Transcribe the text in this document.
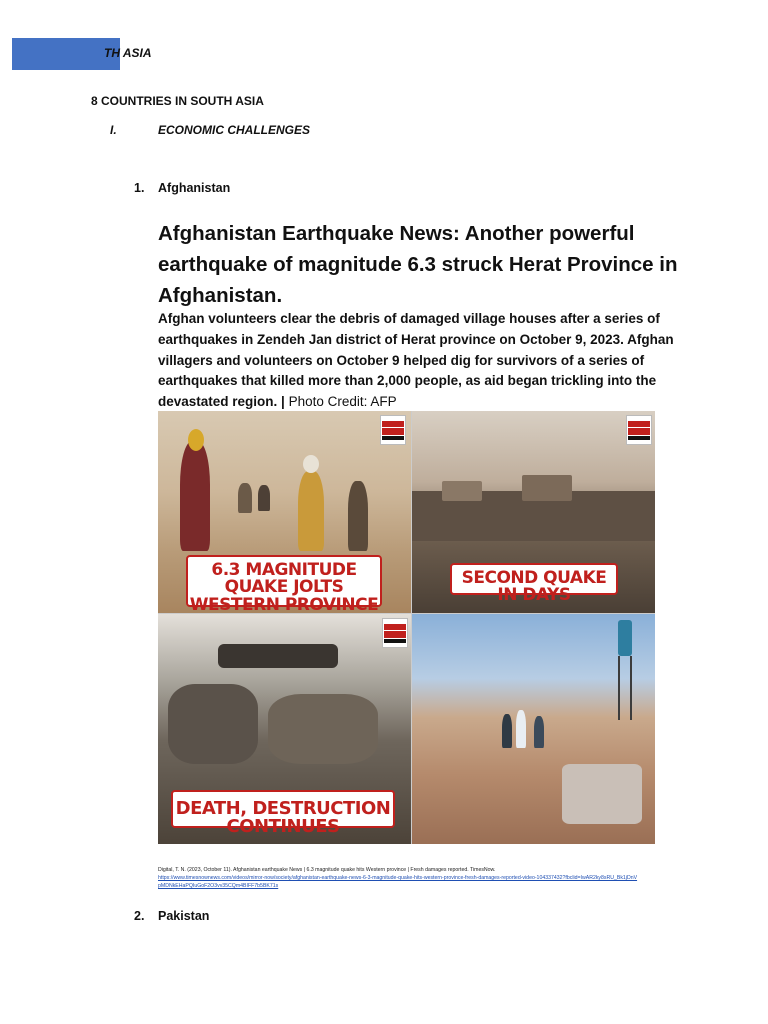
TH ASIA
8 COUNTRIES IN SOUTH ASIA
I.	ECONOMIC CHALLENGES
1. Afghanistan
Afghanistan Earthquake News: Another powerful earthquake of magnitude 6.3 struck Herat Province in Afghanistan.

Afghan volunteers clear the debris of damaged village houses after a series of earthquakes in Zendeh Jan district of Herat province on October 9, 2023. Afghan villagers and volunteers on October 9 helped dig for survivors of a series of earthquakes that killed more than 2,000 people, as aid began trickling into the devastated region. | Photo Credit: AFP

6.3 MAGNITUDE QUAKE JOLTS
WESTERN PROVINCE
SECOND QUAKE IN DAYS
DEATH, DESTRUCTION CONTINUES
Digital, T. N. (2023, October 11). Afghanistan earthquake News | 6.3 magnitude quake hits Western province | Fresh damages reported. TimesNow.
https://www.timesnownews.com/videos/mirror-now/society/afghanistan-earthquake-news-6-3-magnitude-quake-hits-western-province-fresh-damages-reported-video-104337432?fbclid=IwAR2ky8sRU_Bk1jDnVpMDNkEHaPQIuGoF2O3vv35CQm4BIFF7b5BK71s
2. Pakistan
